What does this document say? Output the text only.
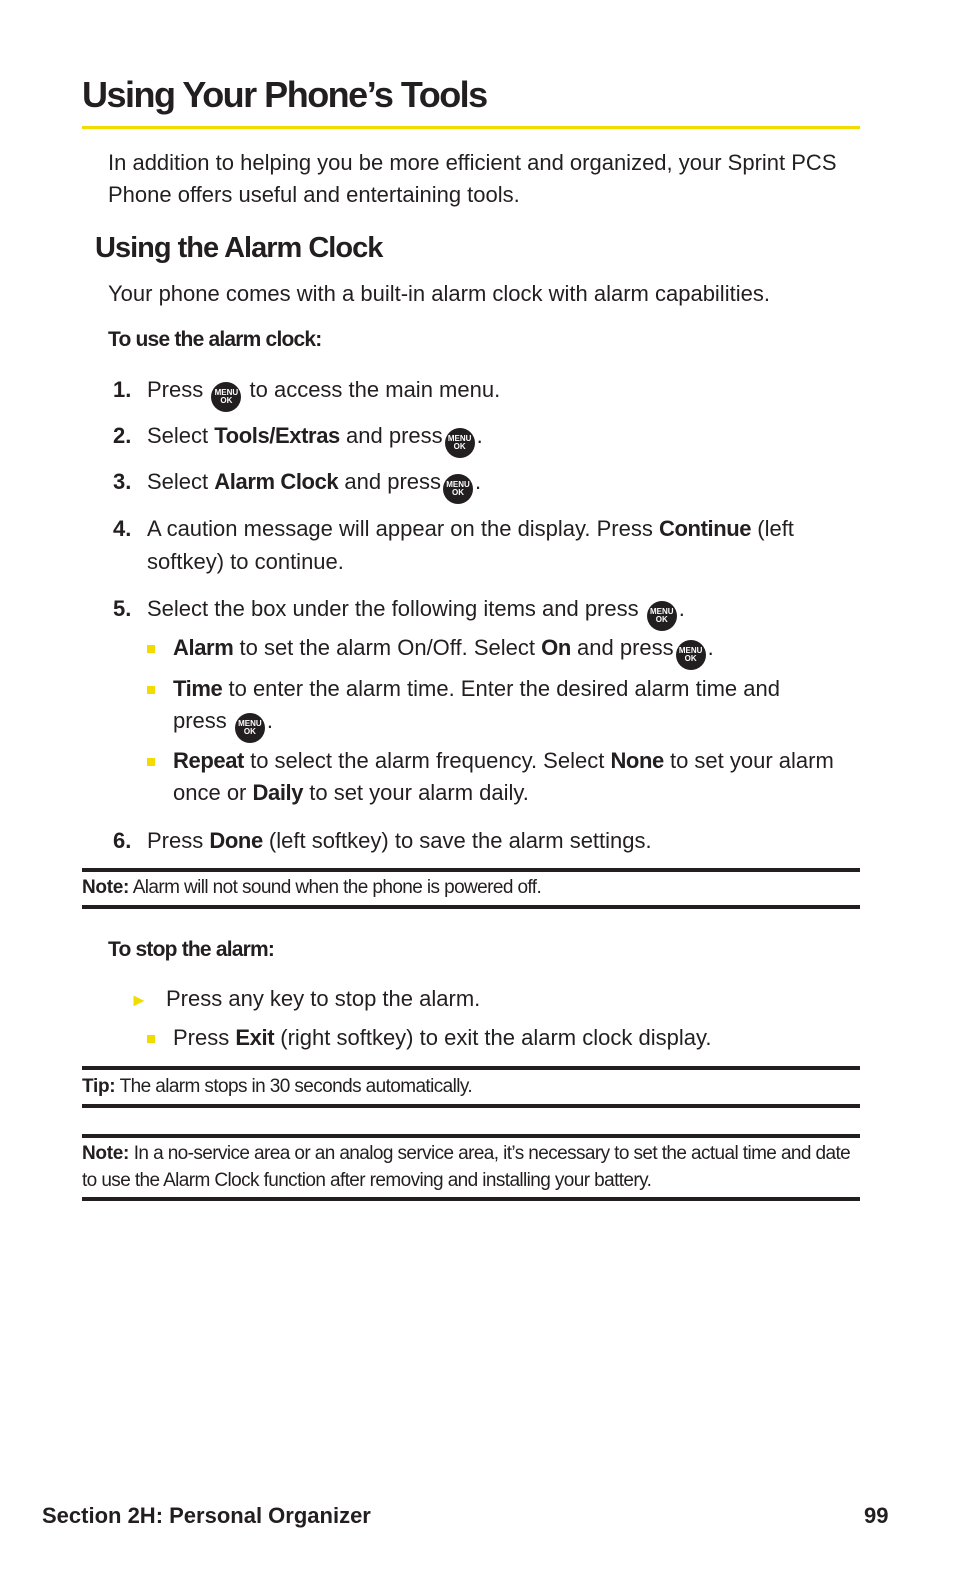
Using Your Phone’s Tools

In addition to helping you be more efficient and organized, your Sprint PCS Phone offers useful and entertaining tools.

Using the Alarm Clock

Your phone comes with a built-in alarm clock with alarm capabilities.

To use the alarm clock:

1. Press	MENU
OK to access the main menu.
2. Select Tools/Extras and press MENU
OK .
3. Select Alarm Clock and press MENU
OK .
4. A caution message will appear on the display. Press Continue (left softkey) to continue.
5. Select the box under the following items and press	MENU
OK .
Alarm to set the alarm On/Off. Select On and press MENU
OK .
Time to enter the alarm time. Enter the desired alarm time and press	MENU
OK .
Repeat to select the alarm frequency. Select None to set your alarm once or Daily to set your alarm daily.
6. Press Done (left softkey) to save the alarm settings.

Note: Alarm will not sound when the phone is powered off.

To stop the alarm:

► Press any key to stop the alarm.
Press Exit (right softkey) to exit the alarm clock display.

Tip: The alarm stops in 30 seconds automatically.

Note: In a no-service area or an analog service area, it’s necessary to set the actual time and date to use the Alarm Clock function after removing and installing your battery.

Section 2H: Personal Organizer	99
